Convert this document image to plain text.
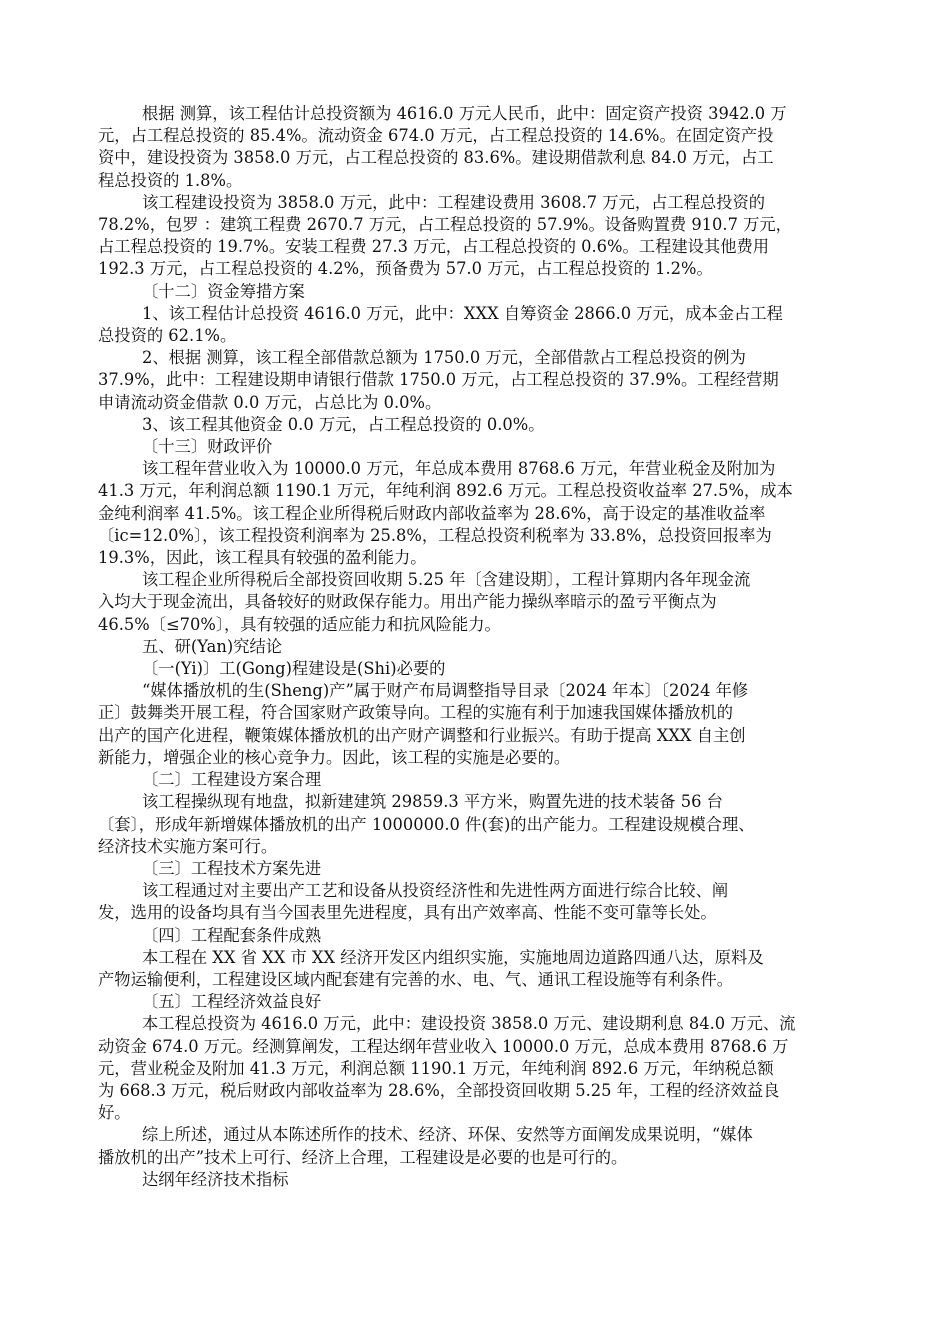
根据 测算，该工程估计总投资额为 4616.0 万元人民币，此中：固定资产投资 3942.0 万

元，占工程总投资的 85.4%。流动资金 674.0 万元，占工程总投资的 14.6%。在固定资产投

资中，建设投资为 3858.0 万元，占工程总投资的 83.6%。建设期借款利息 84.0 万元，占工

程总投资的 1.8%。

该工程建设投资为 3858.0 万元，此中：工程建设费用 3608.7 万元，占工程总投资的

78.2%，包罗 ：建筑工程费 2670.7 万元，占工程总投资的 57.9%。设备购置费 910.7 万元，

占工程总投资的 19.7%。安装工程费 27.3 万元，占工程总投资的 0.6%。工程建设其他费用

192.3 万元，占工程总投资的 4.2%，预备费为 57.0 万元，占工程总投资的 1.2%。

〔十二〕资金筹措方案

1、该工程估计总投资 4616.0 万元，此中：XXX 自筹资金 2866.0 万元，成本金占工程

总投资的 62.1%。

2、根据 测算，该工程全部借款总额为 1750.0 万元，全部借款占工程总投资的例为

37.9%，此中：工程建设期申请银行借款 1750.0 万元，占工程总投资的 37.9%。工程经营期

申请流动资金借款 0.0 万元，占总比为 0.0%。

3、该工程其他资金 0.0 万元，占工程总投资的 0.0%。

〔十三〕财政评价

该工程年营业收入为 10000.0 万元，年总成本费用 8768.6 万元，年营业税金及附加为

41.3 万元，年利润总额 1190.1 万元，年纯利润 892.6 万元。工程总投资收益率 27.5%，成本

金纯利润率 41.5%。该工程企业所得税后财政内部收益率为 28.6%，高于设定的基准收益率

〔ic=12.0%〕，该工程投资利润率为 25.8%，工程总投资利税率为 33.8%，总投资回报率为

19.3%，因此，该工程具有较强的盈利能力。

该工程企业所得税后全部投资回收期 5.25 年〔含建设期〕，工程计算期内各年现金流

入均大于现金流出，具备较好的财政保存能力。用出产能力操纵率暗示的盈亏平衡点为

46.5%〔≤70%〕，具有较强的适应能力和抗风险能力。

五、研(Yan)究结论

〔一(Yi)〕工(Gong)程建设是(Shi)必要的

“媒体播放机的生(Sheng)产”属于财产布局调整指导目录〔2024 年本〕〔2024 年修

正〕鼓舞类开展工程，符合国家财产政策导向。工程的实施有利于加速我国媒体播放机的

出产的国产化进程，鞭策媒体播放机的出产财产调整和行业振兴。有助于提高 XXX 自主创

新能力，增强企业的核心竞争力。因此，该工程的实施是必要的。

〔二〕工程建设方案合理

该工程操纵现有地盘，拟新建建筑 29859.3 平方米，购置先进的技术装备 56 台

〔套〕，形成年新增媒体播放机的出产 1000000.0 件(套)的出产能力。工程建设规模合理、

经济技术实施方案可行。

〔三〕工程技术方案先进

该工程通过对主要出产工艺和设备从投资经济性和先进性两方面进行综合比较、阐

发，选用的设备均具有当今国表里先进程度，具有出产效率高、性能不变可靠等长处。

〔四〕工程配套条件成熟

本工程在 XX 省 XX 市 XX 经济开发区内组织实施，实施地周边道路四通八达，原料及

产物运输便利，工程建设区域内配套建有完善的水、电、气、通讯工程设施等有利条件。

〔五〕工程经济效益良好

本工程总投资为 4616.0 万元，此中：建设投资 3858.0 万元、建设期利息 84.0 万元、流

动资金 674.0 万元。经测算阐发，工程达纲年营业收入 10000.0 万元，总成本费用 8768.6 万

元，营业税金及附加 41.3 万元，利润总额 1190.1 万元，年纯利润 892.6 万元，年纳税总额

为 668.3 万元，税后财政内部收益率为 28.6%，全部投资回收期 5.25 年，工程的经济效益良

好。

综上所述，通过从本陈述所作的技术、经济、环保、安然等方面阐发成果说明，“媒体

播放机的出产”技术上可行、经济上合理，工程建设是必要的也是可行的。

达纲年经济技术指标
